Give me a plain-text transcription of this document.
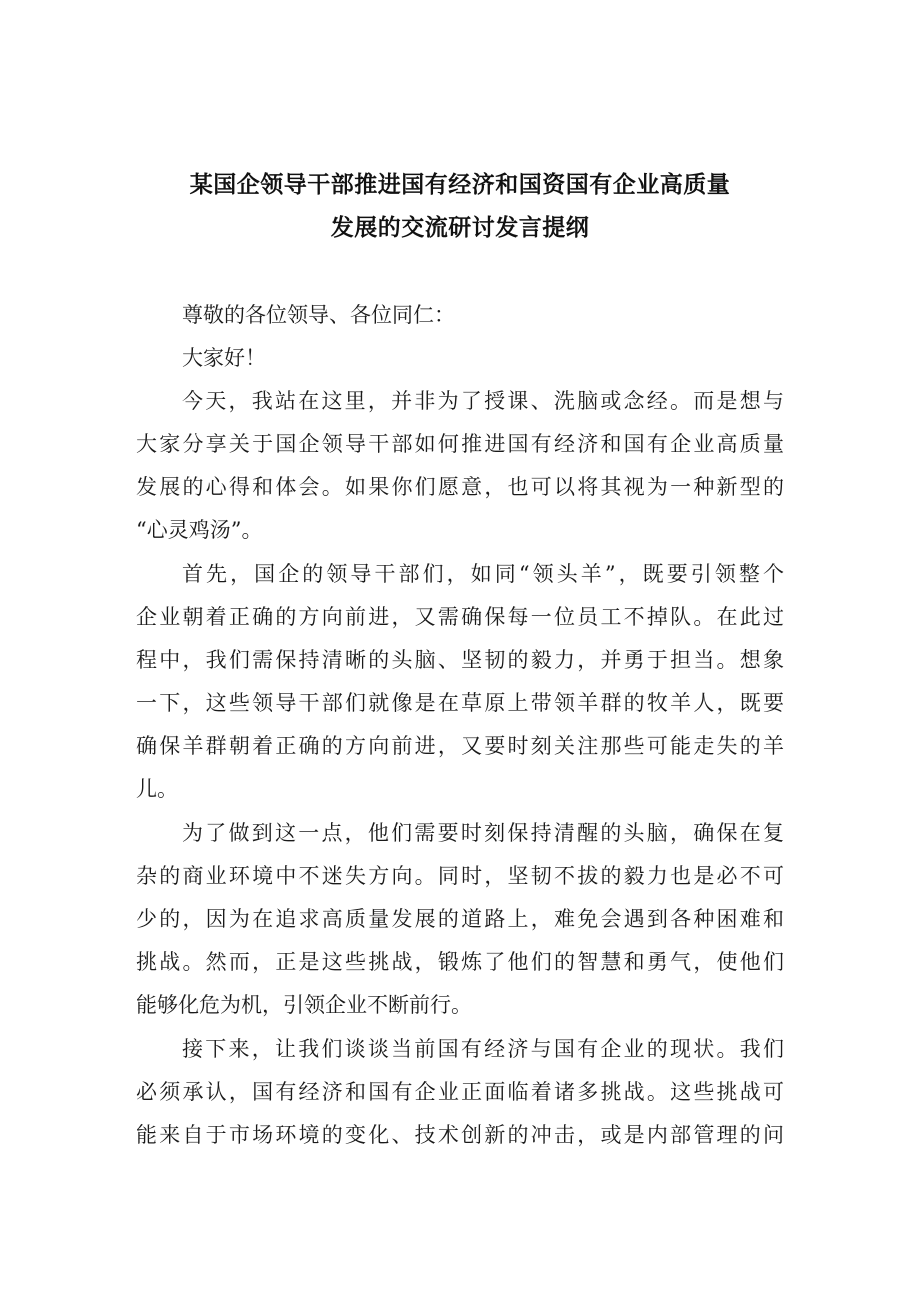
某国企领导干部推进国有经济和国资国有企业高质量
发展的交流研讨发言提纲
尊敬的各位领导、各位同仁：
大家好！
今天，我站在这里，并非为了授课、洗脑或念经。而是想与
大家分享关于国企领导干部如何推进国有经济和国有企业高质量
发展的心得和体会。如果你们愿意，也可以将其视为一种新型的
“心灵鸡汤”。
首先，国企的领导干部们，如同“领头羊”，既要引领整个
企业朝着正确的方向前进，又需确保每一位员工不掉队。在此过
程中，我们需保持清晰的头脑、坚韧的毅力，并勇于担当。想象
一下，这些领导干部们就像是在草原上带领羊群的牧羊人，既要
确保羊群朝着正确的方向前进，又要时刻关注那些可能走失的羊
儿。
为了做到这一点，他们需要时刻保持清醒的头脑，确保在复
杂的商业环境中不迷失方向。同时，坚韧不拔的毅力也是必不可
少的，因为在追求高质量发展的道路上，难免会遇到各种困难和
挑战。然而，正是这些挑战，锻炼了他们的智慧和勇气，使他们
能够化危为机，引领企业不断前行。
接下来，让我们谈谈当前国有经济与国有企业的现状。我们
必须承认，国有经济和国有企业正面临着诸多挑战。这些挑战可
能来自于市场环境的变化、技术创新的冲击，或是内部管理的问
